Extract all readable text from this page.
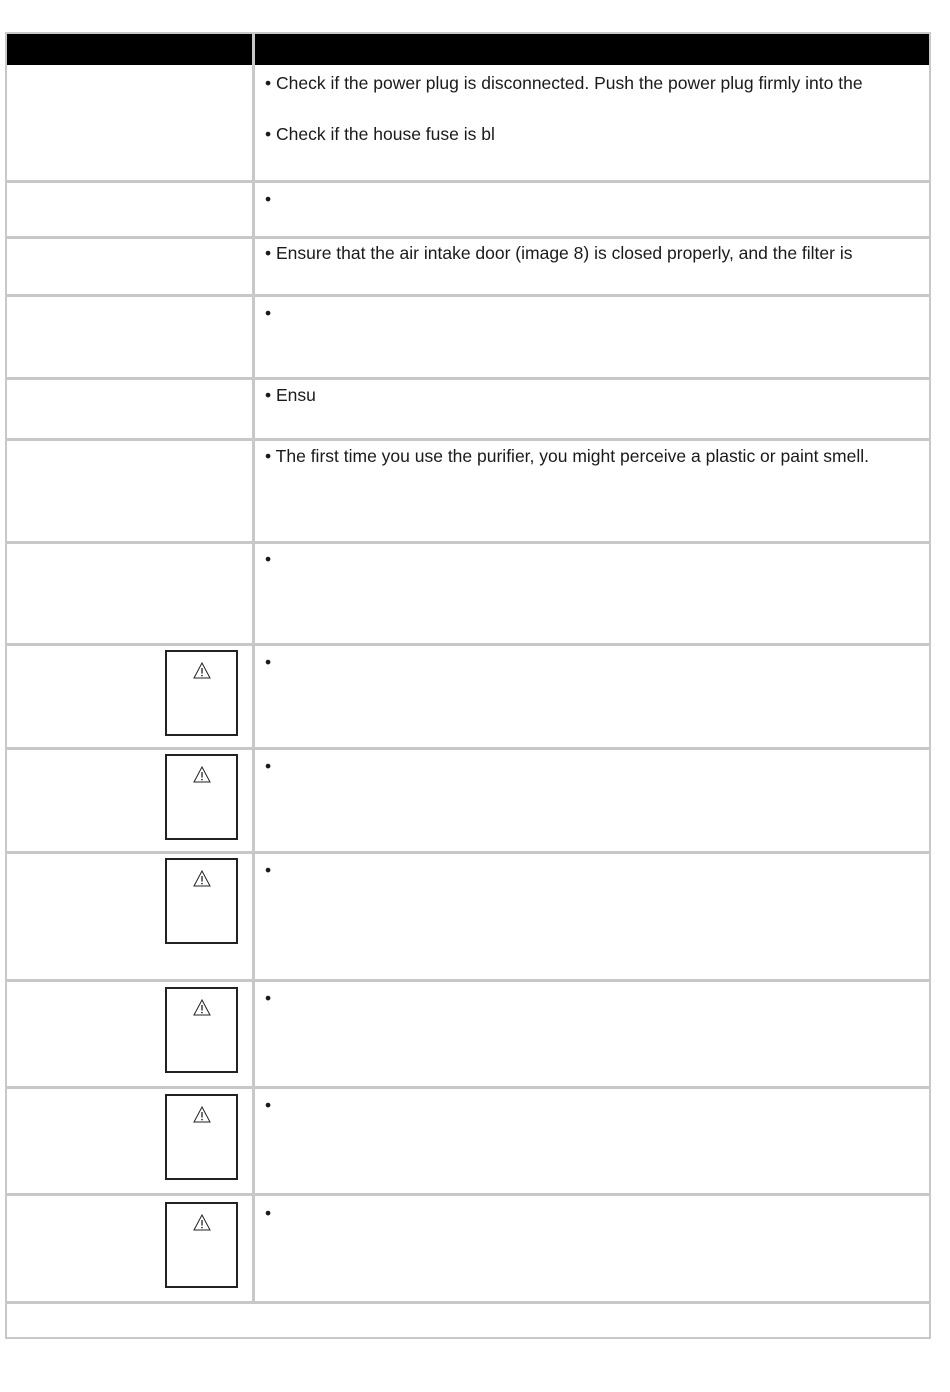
• Check if the power plug is disconnected. Push the power plug firmly into the
• Check if the house fuse is bl
•
• Ensure that the air intake door (image 8) is closed properly, and the filter is
•
• Ensu
• The first time you use the purifier, you might perceive a plastic or paint smell.
•
•
•
•
•
•
•
